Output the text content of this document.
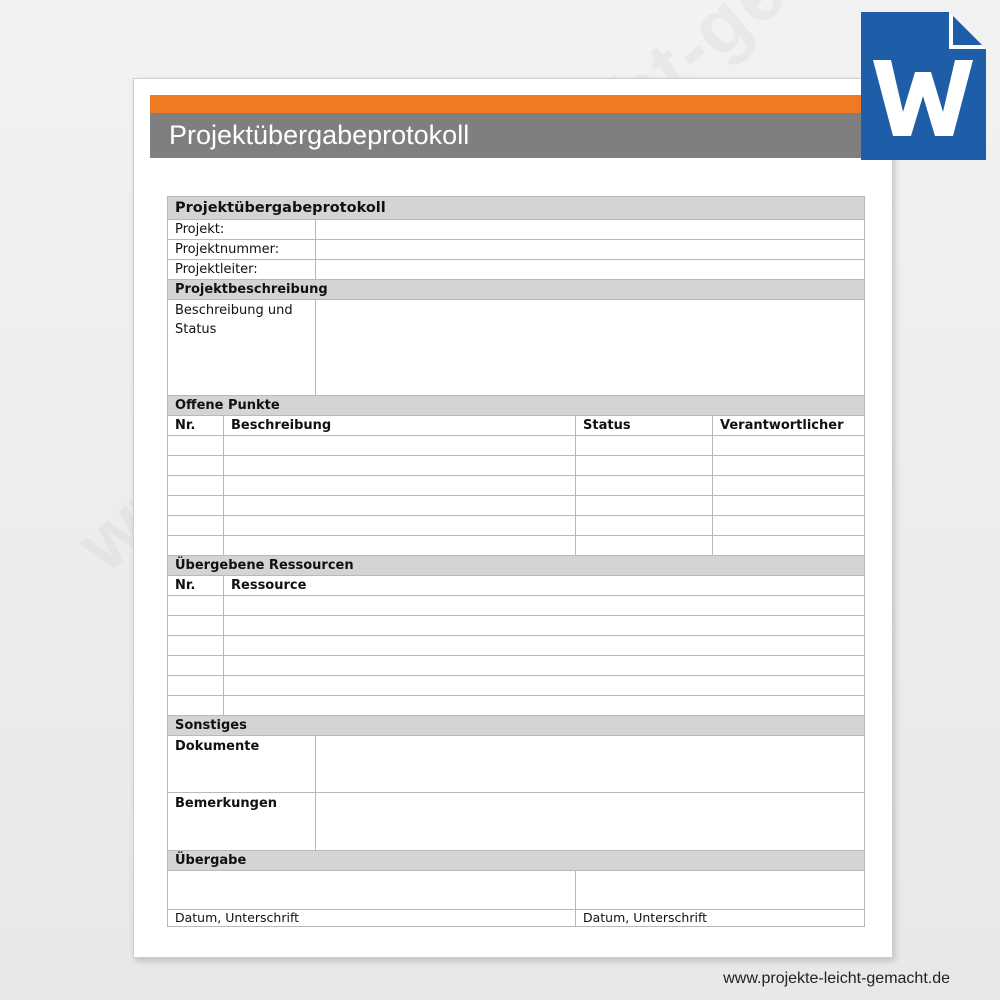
Projektübergabeprotokoll
Projektübergabeprotokoll				
Projekt:				
Projektnummer:				
Projektleiter:				
Projektbeschreibung				
Beschreibung und Status				
Offene Punkte				
Nr.	Beschreibung		Status	Verantwortlicher

Übergebene Ressourcen				
Nr.	Ressource			

Sonstiges				
Dokumente				
Bemerkungen				
Übergabe				

Datum, Unterschrift			Datum, Unterschrift	
www.projekte-leicht-gemacht.de
